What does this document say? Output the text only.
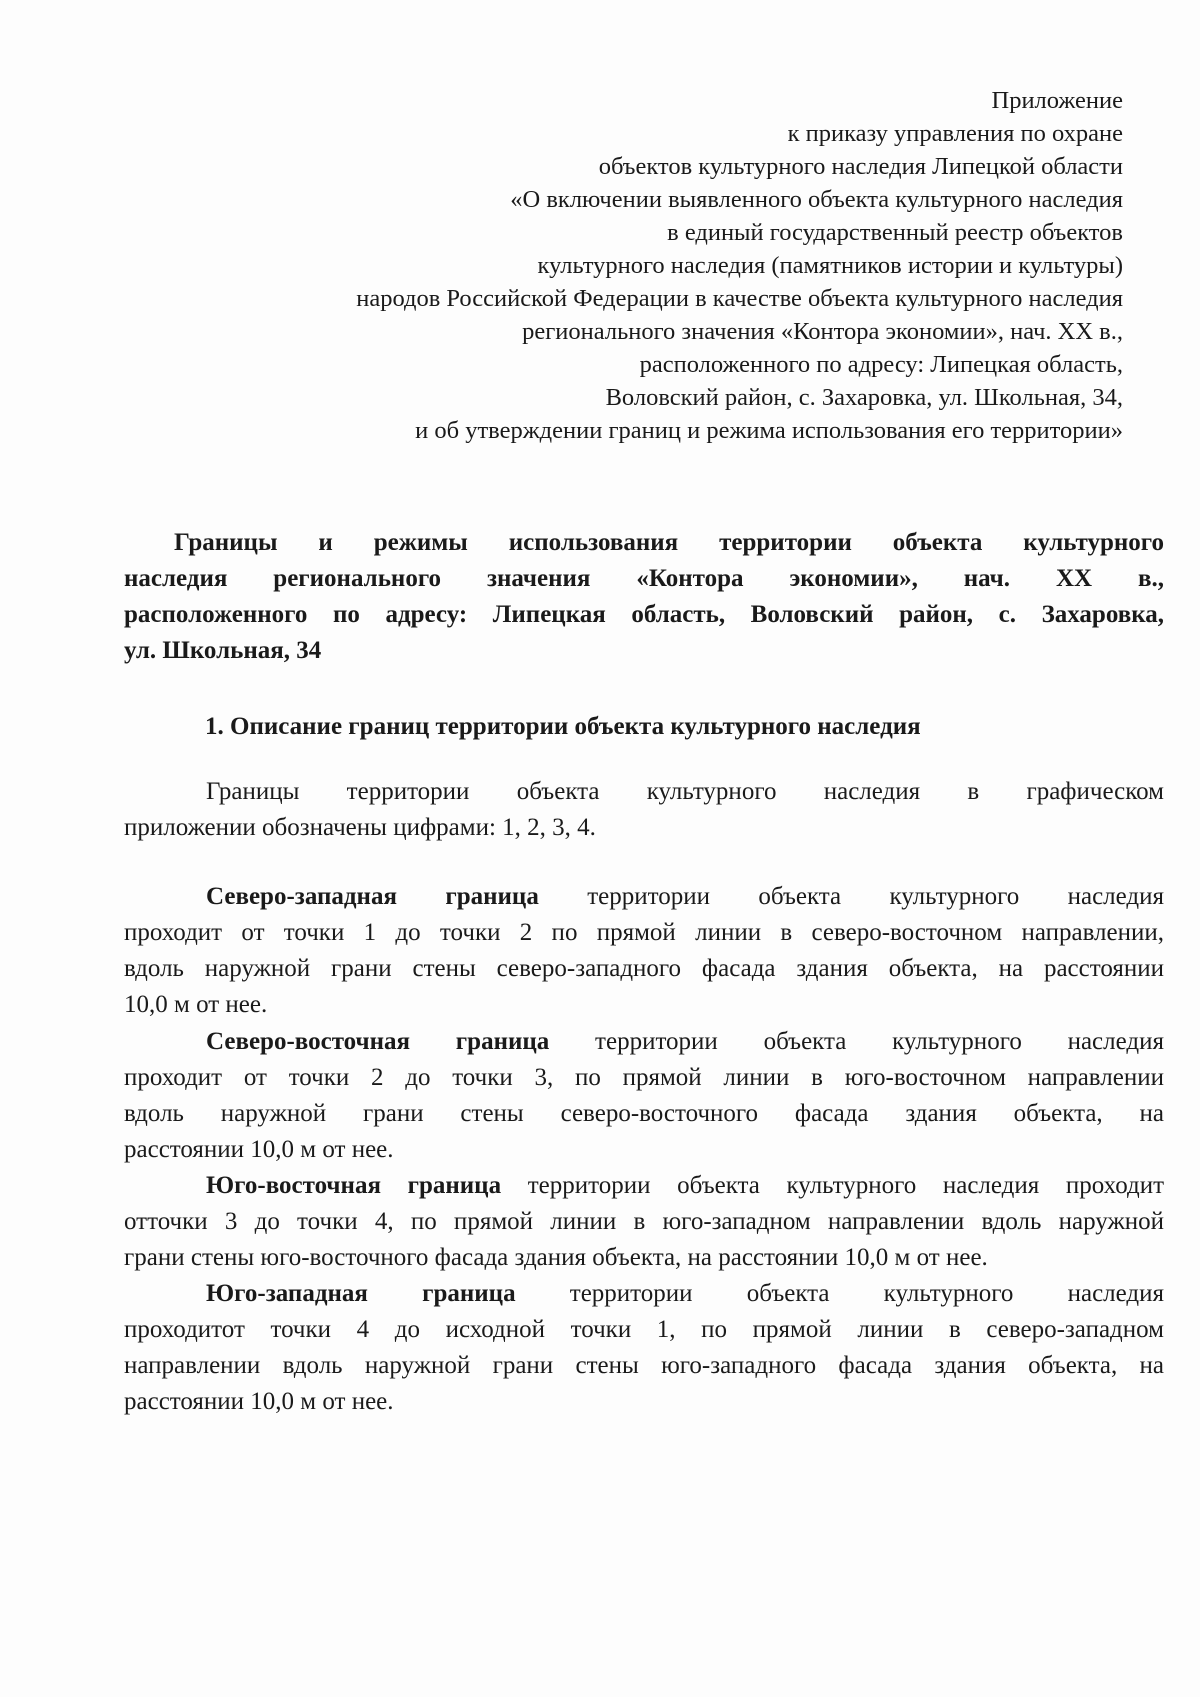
Приложение
к приказу управления по охране
объектов культурного наследия Липецкой области
«О включении выявленного объекта культурного наследия
в единый государственный реестр объектов
культурного наследия (памятников истории и культуры)
народов Российской Федерации в качестве объекта культурного наследия
регионального значения «Контора экономии», нач. XX в.,
расположенного по адресу: Липецкая область,
Воловский район, с. Захаровка, ул. Школьная, 34,
и об утверждении границ и режима использования его территории»
Границы и режимы использования территории объекта культурного
наследия регионального значения «Контора экономии», нач. XX в.,
расположенного по адресу: Липецкая область, Воловский район, с. Захаровка,
ул. Школьная, 34
1. Описание границ территории объекта культурного наследия
Границы территории объекта культурного наследия в графическом
приложении обозначены цифрами: 1, 2, 3, 4.
Северо-западная граница территории объекта культурного наследия
проходит от точки 1 до точки 2 по прямой линии в северо-восточном направлении,
вдоль наружной грани стены северо-западного фасада здания объекта, на расстоянии
10,0 м от нее.
Северо-восточная граница территории объекта культурного наследия
проходит от точки 2 до точки 3, по прямой линии в юго-восточном направлении
вдоль наружной грани стены северо-восточного фасада здания объекта, на
расстоянии 10,0 м от нее.
Юго-восточная граница территории объекта культурного наследия проходит
отточки 3 до точки 4, по прямой линии в юго-западном направлении вдоль наружной
грани стены юго-восточного фасада здания объекта, на расстоянии 10,0 м от нее.
Юго-западная граница территории объекта культурного наследия
проходитот точки 4 до исходной точки 1, по прямой линии в северо-западном
направлении вдоль наружной грани стены юго-западного фасада здания объекта, на
расстоянии 10,0 м от нее.
